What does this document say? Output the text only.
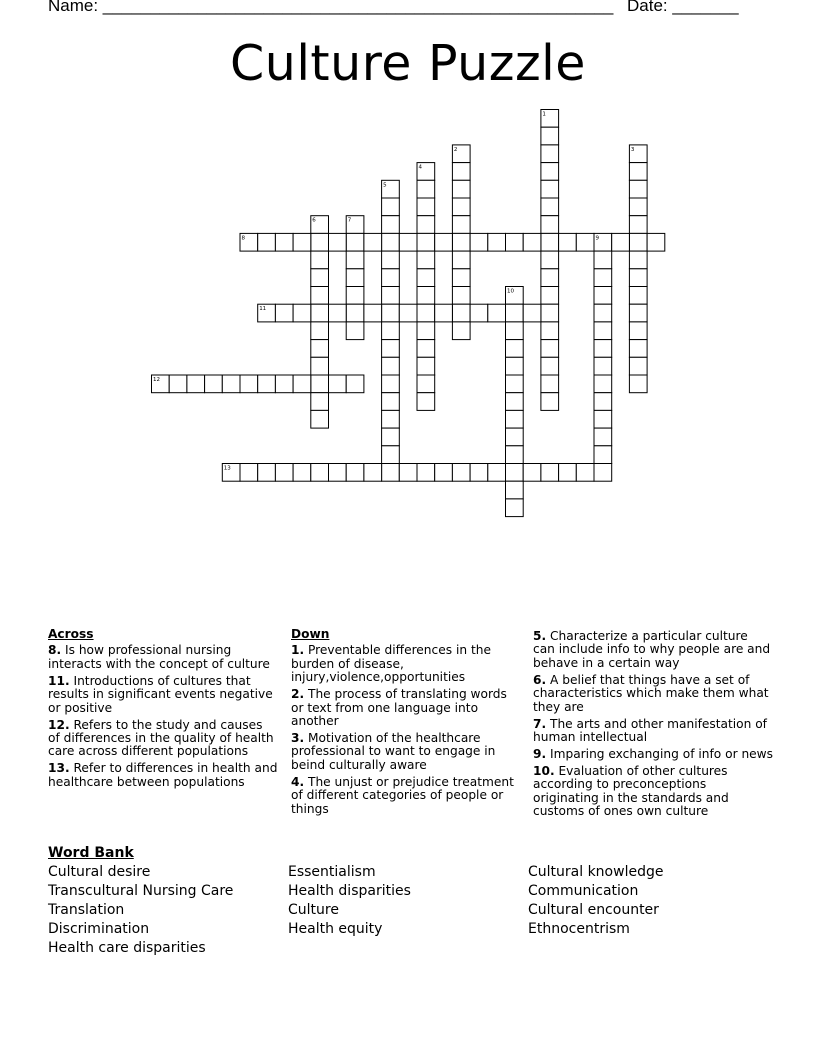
Name: ______________________________________________________ Date: _______
Culture Puzzle
1
2	3
4
5
6	7
8	9
10
11
12
13
Across
8. Is how professional nursing interacts with the concept of culture
11. Introductions of cultures that results in significant events negative or positive
12. Refers to the study and causes of differences in the quality of health care across different populations
13. Refer to differences in health and healthcare between populations
Down
1. Preventable differences in the burden of disease, injury,violence,opportunities
2. The process of translating words or text from one language into another
3. Motivation of the healthcare professional to want to engage in beind culturally aware
4. The unjust or prejudice treatment of different categories of people or things
5. Characterize a particular culture can include info to why people are and behave in a certain way
6. A belief that things have a set of characteristics which make them what they are
7. The arts and other manifestation of human intellectual
9. Imparing exchanging of info or news
10. Evaluation of other cultures according to preconceptions originating in the standards and customs of ones own culture
Word Bank
Cultural desire
Transcultural Nursing Care
Translation
Discrimination
Health care disparities
Essentialism
Health disparities
Culture
Health equity
Cultural knowledge
Communication
Cultural encounter
Ethnocentrism
